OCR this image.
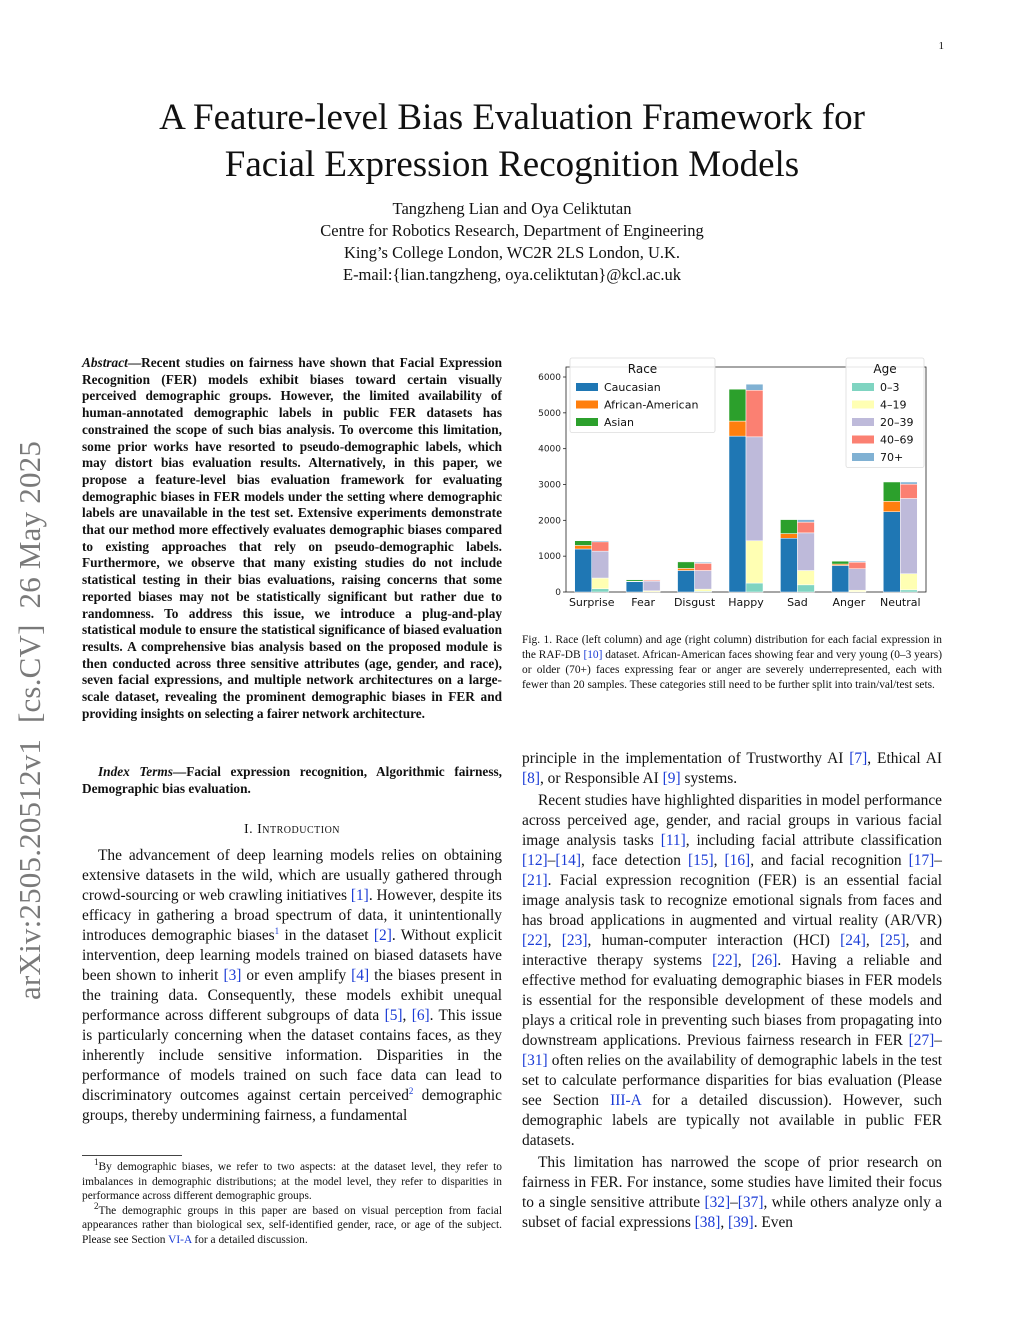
1
A Feature-level Bias Evaluation Framework for Facial Expression Recognition Models
Tangzheng Lian and Oya Celiktutan
Centre for Robotics Research, Department of Engineering
King’s College London, WC2R 2LS London, U.K.
E-mail:{lian.tangzheng, oya.celiktutan}@kcl.ac.uk
arXiv:2505.20512v1  [cs.CV]  26 May 2025
Abstract—Recent studies on fairness have shown that Facial Expression Recognition (FER) models exhibit biases toward certain visually perceived demographic groups. However, the limited availability of human-annotated demographic labels in public FER datasets has constrained the scope of such bias analysis. To overcome this limitation, some prior works have resorted to pseudo-demographic labels, which may distort bias evaluation results. Alternatively, in this paper, we propose a feature-level bias evaluation framework for evaluating demographic biases in FER models under the setting where demographic labels are unavailable in the test set. Extensive experiments demonstrate that our method more effectively evaluates demographic biases compared to existing approaches that rely on pseudo-demographic labels. Furthermore, we observe that many existing studies do not include statistical testing in their bias evaluations, raising concerns that some reported biases may not be statistically significant but rather due to randomness. To address this issue, we introduce a plug-and-play statistical module to ensure the statistical significance of biased evaluation results. A comprehensive bias analysis based on the proposed module is then conducted across three sensitive attributes (age, gender, and race), seven facial expressions, and multiple network architectures on a large-scale dataset, revealing the prominent demographic biases in FER and providing insights on selecting a fairer network architecture.
Index Terms—Facial expression recognition, Algorithmic fairness, Demographic bias evaluation.
I. Introduction

The advancement of deep learning models relies on obtaining extensive datasets in the wild, which are usually gathered through crowd-sourcing or web crawling initiatives [1]. However, despite its efficacy in gathering a broad spectrum of data, it unintentionally introduces demographic biases$^1$ in the dataset [2]. Without explicit intervention, deep learning models trained on biased datasets have been shown to inherit [3] or even amplify [4] the biases present in the training data. Consequently, these models exhibit unequal performance across different subgroups of data [5], [6]. This issue is particularly concerning when the dataset contains faces, as they inherently include sensitive information. Disparities in the performance of models trained on such face data can lead to discriminatory outcomes against certain perceived$^2$ demographic groups, thereby undermining fairness, a fundamental

$^1$By demographic biases, we refer to two aspects: at the dataset level, they refer to imbalances in demographic distributions; at the model level, they refer to disparities in performance across different demographic groups.

$^2$The demographic groups in this paper are based on visual perception from facial appearances rather than biological sex, self-identified gender, race, or age of the subject. Please see Section VI-A for a detailed discussion.

0
1000
2000
3000
4000
5000
6000
Surprise Fear Disgust Happy Sad Anger Neutral
Race
Caucasian
African-American
Asian
Age
0–3
4–19
20–39
40–69
70+
Fig. 1. Race (left column) and age (right column) distribution for each facial expression in the RAF-DB [10] dataset. African-American faces showing fear and very young (0–3 years) or older (70+) faces expressing fear or anger are severely underrepresented, each with fewer than 20 samples. These categories still need to be further split into train/val/test sets.

principle in the implementation of Trustworthy AI [7], Ethical AI [8], or Responsible AI [9] systems.

Recent studies have highlighted disparities in model performance across perceived age, gender, and racial groups in various facial image analysis tasks [11], including facial attribute classification [12]–[14], face detection [15], [16], and facial recognition [17]–[21]. Facial expression recognition (FER) is an essential facial image analysis task to recognize emotional signals from faces and has broad applications in augmented and virtual reality (AR/VR) [22], [23], human-computer interaction (HCI) [24], [25], and interactive therapy systems [22], [26]. Having a reliable and effective method for evaluating demographic biases in FER models is essential for the responsible development of these models and plays a critical role in preventing such biases from propagating into downstream applications. Previous fairness research in FER [27]–[31] often relies on the availability of demographic labels in the test set to calculate performance disparities for bias evaluation (Please see Section III-A for a detailed discussion). However, such demographic labels are typically not available in public FER datasets.

This limitation has narrowed the scope of prior research on fairness in FER. For instance, some studies have limited their focus to a single sensitive attribute [32]–[37], while others analyze only a subset of facial expressions [38], [39]. Even
